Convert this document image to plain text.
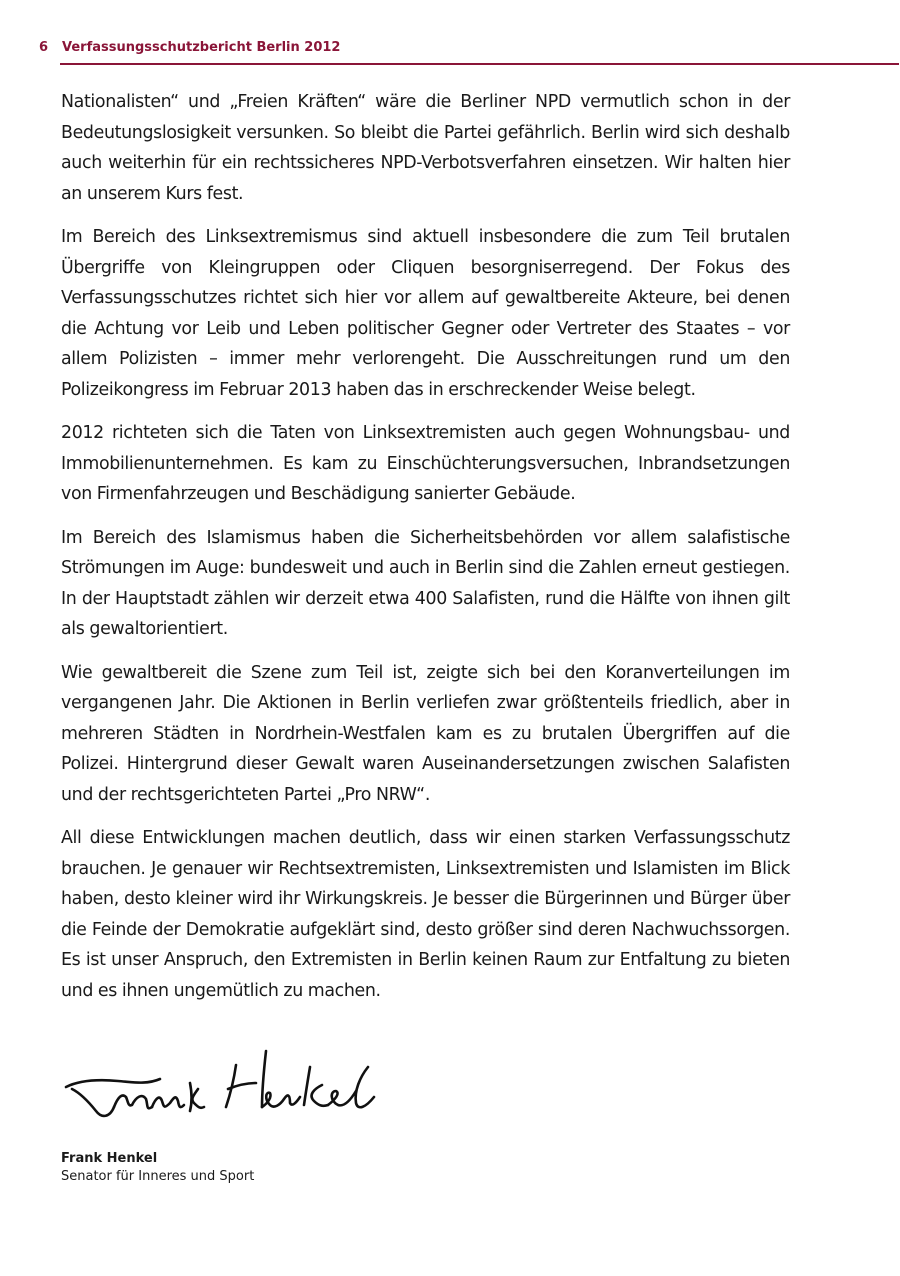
6 Verfassungsschutzbericht Berlin 2012

Nationalisten“ und „Freien Kräften“ wäre die Berliner NPD vermutlich schon in der Bedeutungslosigkeit versunken. So bleibt die Partei gefährlich. Berlin wird sich deshalb auch weiterhin für ein rechtssicheres NPD-Verbotsverfahren einsetzen. Wir halten hier an unserem Kurs fest.

Im Bereich des Linksextremismus sind aktuell insbesondere die zum Teil brutalen Übergriffe von Kleingruppen oder Cliquen besorgniserregend. Der Fokus des Verfassungsschutzes richtet sich hier vor allem auf gewaltbereite Akteure, bei denen die Achtung vor Leib und Leben politischer Gegner oder Vertreter des Staates – vor allem Polizisten – immer mehr verlorengeht. Die Ausschreitungen rund um den Polizeikongress im Februar 2013 haben das in erschreckender Weise belegt.

2012 richteten sich die Taten von Linksextremisten auch gegen Wohnungsbau- und Immobilienunternehmen. Es kam zu Einschüchterungsversuchen, Inbrandsetzungen von Firmenfahrzeugen und Beschädigung sanierter Gebäude.

Im Bereich des Islamismus haben die Sicherheitsbehörden vor allem salafistische Strömungen im Auge: bundesweit und auch in Berlin sind die Zahlen erneut gestiegen. In der Hauptstadt zählen wir derzeit etwa 400 Salafisten, rund die Hälfte von ihnen gilt als gewaltorientiert.

Wie gewaltbereit die Szene zum Teil ist, zeigte sich bei den Koranverteilungen im vergangenen Jahr. Die Aktionen in Berlin verliefen zwar größtenteils friedlich, aber in mehreren Städten in Nordrhein-Westfalen kam es zu brutalen Übergriffen auf die Polizei. Hintergrund dieser Gewalt waren Auseinandersetzungen zwischen Salafisten und der rechtsgerichteten Partei „Pro NRW“.

All diese Entwicklungen machen deutlich, dass wir einen starken Verfassungsschutz brauchen. Je genauer wir Rechtsextremisten, Linksextremisten und Islamisten im Blick haben, desto kleiner wird ihr Wirkungskreis. Je besser die Bürgerinnen und Bürger über die Feinde der Demokratie aufgeklärt sind, desto größer sind deren Nachwuchssorgen. Es ist unser Anspruch, den Extremisten in Berlin keinen Raum zur Entfaltung zu bieten und es ihnen ungemütlich zu machen.

Frank Henkel
Senator für Inneres und Sport
